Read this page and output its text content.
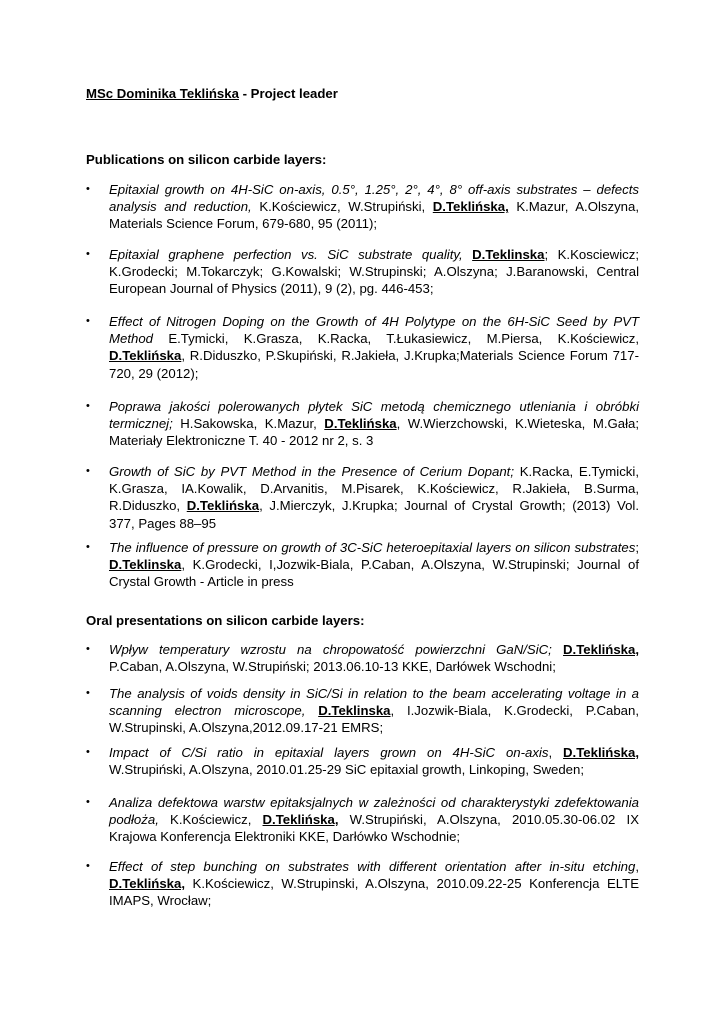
MSc Dominika Teklińska - Project leader
Publications on silicon carbide layers:
• Epitaxial growth on 4H-SiC on-axis, 0.5°, 1.25°, 2°, 4°, 8° off-axis substrates – defects analysis and reduction, K.Kościewicz, W.Strupiński, D.Teklińska, K.Mazur, A.Olszyna, Materials Science Forum, 679-680, 95 (2011);
• Epitaxial graphene perfection vs. SiC substrate quality, D.Teklinska; K.Kosciewicz; K.Grodecki; M.Tokarczyk; G.Kowalski; W.Strupinski; A.Olszyna; J.Baranowski, Central European Journal of Physics (2011), 9 (2), pg. 446-453;
• Effect of Nitrogen Doping on the Growth of 4H Polytype on the 6H-SiC Seed by PVT Method E.Tymicki, K.Grasza, K.Racka, T.Łukasiewicz, M.Piersa, K.Kościewicz, D.Teklińska, R.Diduszko, P.Skupiński, R.Jakieła, J.Krupka;Materials Science Forum 717-720, 29 (2012);
• Poprawa jakości polerowanych płytek SiC metodą chemicznego utleniania i obróbki termicznej; H.Sakowska, K.Mazur, D.Teklińska, W.Wierzchowski, K.Wieteska, M.Gała; Materiały Elektroniczne T. 40 - 2012 nr 2, s. 3
• Growth of SiC by PVT Method in the Presence of Cerium Dopant; K.Racka, E.Tymicki, K.Grasza, IA.Kowalik, D.Arvanitis, M.Pisarek, K.Kościewicz, R.Jakieła, B.Surma, R.Diduszko, D.Teklińska, J.Mierczyk, J.Krupka; Journal of Crystal Growth; (2013) Vol. 377, Pages 88–95
• The influence of pressure on growth of 3C-SiC heteroepitaxial layers on silicon substrates; D.Teklinska, K.Grodecki, I,Jozwik-Biala, P.Caban, A.Olszyna, W.Strupinski; Journal of Crystal Growth - Article in press
Oral presentations on silicon carbide layers:
• Wpływ temperatury wzrostu na chropowatość powierzchni GaN/SiC; D.Teklińska, P.Caban, A.Olszyna, W.Strupiński; 2013.06.10-13 KKE, Darłówek Wschodni;
• The analysis of voids density in SiC/Si in relation to the beam accelerating voltage in a scanning electron microscope, D.Teklinska, I.Jozwik-Biala, K.Grodecki, P.Caban, W.Strupinski, A.Olszyna,2012.09.17-21 EMRS;
• Impact of C/Si ratio in epitaxial layers grown on 4H-SiC on-axis, D.Teklińska, W.Strupiński, A.Olszyna, 2010.01.25-29 SiC epitaxial growth, Linkoping, Sweden;
• Analiza defektowa warstw epitaksjalnych w zależności od charakterystyki zdefektowania podłoża, K.Kościewicz, D.Teklińska, W.Strupiński, A.Olszyna, 2010.05.30-06.02 IX Krajowa Konferencja Elektroniki KKE, Darłówko Wschodnie;
• Effect of step bunching on substrates with different orientation after in-situ etching, D.Teklińska, K.Kościewicz, W.Strupinski, A.Olszyna, 2010.09.22-25 Konferencja ELTE IMAPS, Wrocław;
